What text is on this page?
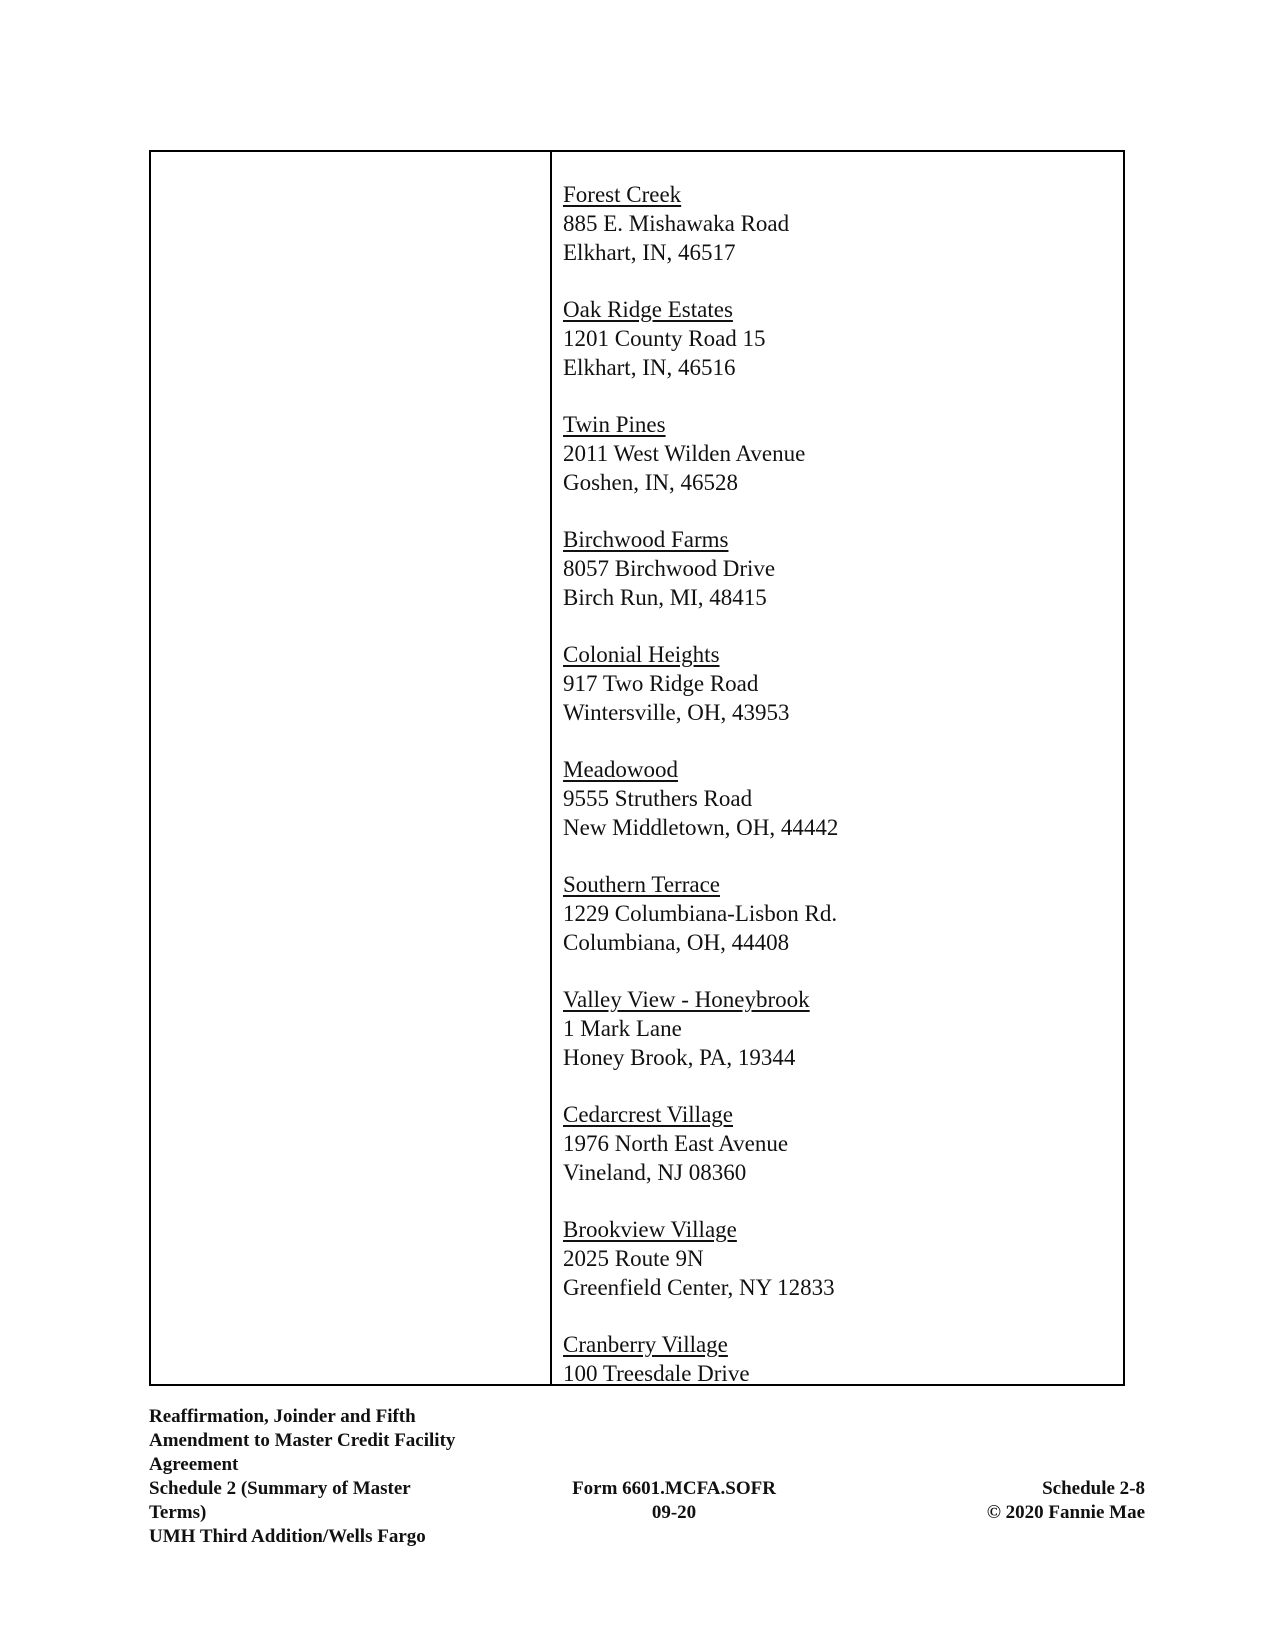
Forest Creek
885 E. Mishawaka Road
Elkhart, IN, 46517
Oak Ridge Estates
1201 County Road 15
Elkhart, IN, 46516
Twin Pines
2011 West Wilden Avenue
Goshen, IN, 46528
Birchwood Farms
8057 Birchwood Drive
Birch Run, MI, 48415
Colonial Heights
917 Two Ridge Road
Wintersville, OH, 43953
Meadowood
9555 Struthers Road
New Middletown, OH, 44442
Southern Terrace
1229 Columbiana-Lisbon Rd.
Columbiana, OH, 44408
Valley View - Honeybrook
1 Mark Lane
Honey Brook, PA, 19344
Cedarcrest Village
1976 North East Avenue
Vineland, NJ 08360
Brookview Village
2025 Route 9N
Greenfield Center, NY 12833
Cranberry Village
100 Treesdale Drive
Reaffirmation, Joinder and Fifth
Amendment to Master Credit Facility
Agreement
Schedule 2 (Summary of Master
Terms)
UMH Third Addition/Wells Fargo
Form 6601.MCFA.SOFR
09-20
Schedule 2-8
© 2020 Fannie Mae
